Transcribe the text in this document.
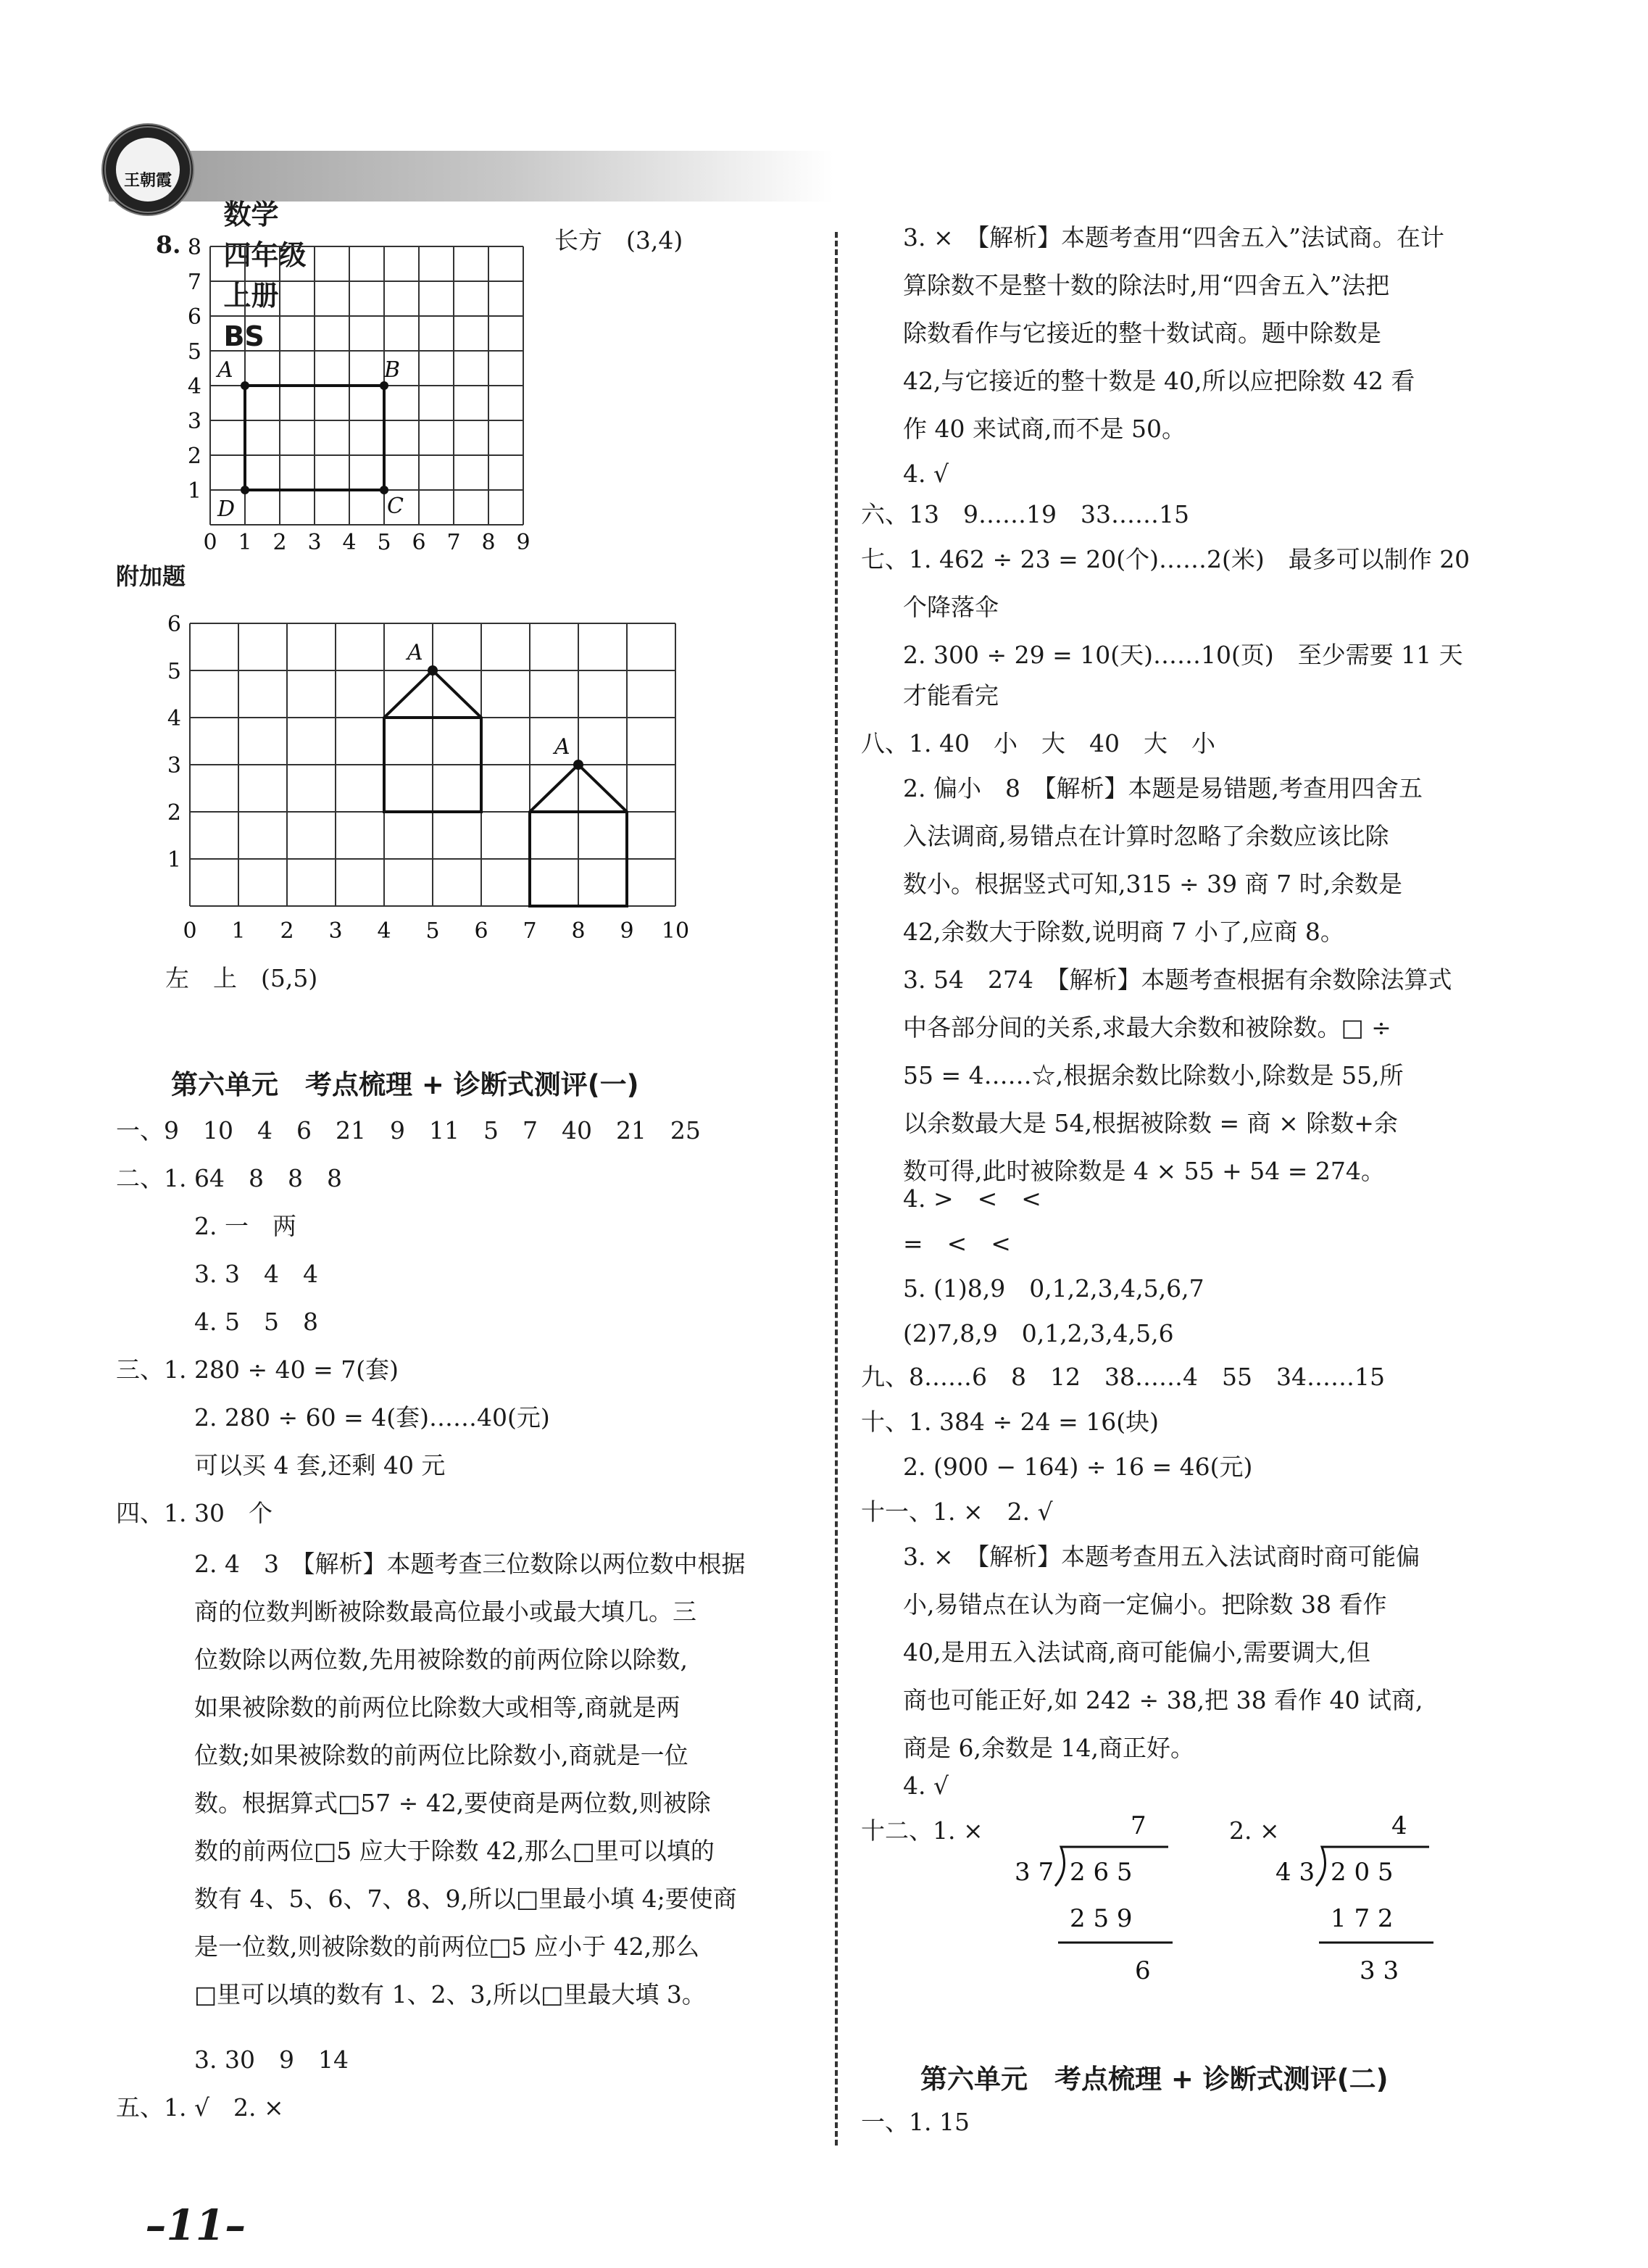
王朝霞

数学
四年级
上册
BS

8.	长方　(3,4)
A	B
C
D
0 1 2 3 4 5 6 7 8 9
1
2
3
4
5
6
7
8
附加题
A
A
0 1 2 3 4 5 6 7 8 9 10
1
2
3
4
5
6
左　上　(5,5)
第六单元　考点梳理 + 诊断式测评(一)
一、9　10　4　6　21　9　11　5　7　40　21　25
二、1. 64　8　8　8
2. 一　两
3. 3　4　4
4. 5　5　8
三、1. 280 ÷ 40 = 7(套)
2. 280 ÷ 60 = 4(套)……40(元)
可以买 4 套,还剩 40 元
四、1. 30　个
2. 4　3　【解析】本题考查三位数除以两位数中根据
商的位数判断被除数最高位最小或最大填几。三
位数除以两位数,先用被除数的前两位除以除数,
如果被除数的前两位比除数大或相等,商就是两
位数;如果被除数的前两位比除数小,商就是一位
数。根据算式□57 ÷ 42,要使商是两位数,则被除
数的前两位□5 应大于除数 42,那么□里可以填的
数有 4、5、6、7、8、9,所以□里最小填 4;要使商
是一位数,则被除数的前两位□5 应小于 42,那么
□里可以填的数有 1、2、3,所以□里最大填 3。
3. 30　9　14
五、1. √　2. ×

–11–

3. ×　【解析】本题考查用“四舍五入”法试商。在计
算除数不是整十数的除法时,用“四舍五入”法把
除数看作与它接近的整十数试商。题中除数是
42,与它接近的整十数是 40,所以应把除数 42 看
作 40 来试商,而不是 50。
4. √
六、13　9……19　33……15
七、1. 462 ÷ 23 = 20(个)……2(米)　最多可以制作 20
个降落伞
2. 300 ÷ 29 = 10(天)……10(页)　至少需要 11 天
才能看完
八、1. 40　小　大　40　大　小
2. 偏小　8　【解析】本题是易错题,考查用四舍五
入法调商,易错点在计算时忽略了余数应该比除
数小。根据竖式可知,315 ÷ 39 商 7 时,余数是
42,余数大于除数,说明商 7 小了,应商 8。
3. 54　274　【解析】本题考查根据有余数除法算式
中各部分间的关系,求最大余数和被除数。□ ÷
55 = 4……☆,根据余数比除数小,除数是 55,所
以余数最大是 54,根据被除数 = 商 × 除数+余
数可得,此时被除数是 4 × 55 + 54 = 274。
4. >　<　<
=　<　<
5. (1)8,9　0,1,2,3,4,5,6,7
(2)7,8,9　0,1,2,3,4,5,6
九、8……6　8　12　38……4　55　34……15
十、1. 384 ÷ 24 = 16(块)
2. (900 − 164) ÷ 16 = 46(元)
十一、1. ×　2. √
3. ×　【解析】本题考查用五入法试商时商可能偏
小,易错点在认为商一定偏小。把除数 38 看作
40,是用五入法试商,商可能偏小,需要调大,但
商也可能正好,如 242 ÷ 38,把 38 看作 40 试商,
商是 6,余数是 14,商正好。
4. √
十二、1. ×	2. ×
7
3 7 2 6 5
2 5 9
6
4
4 3 2 0 5
1 7 2
3 3
第六单元　考点梳理 + 诊断式测评(二)
一、1. 15
